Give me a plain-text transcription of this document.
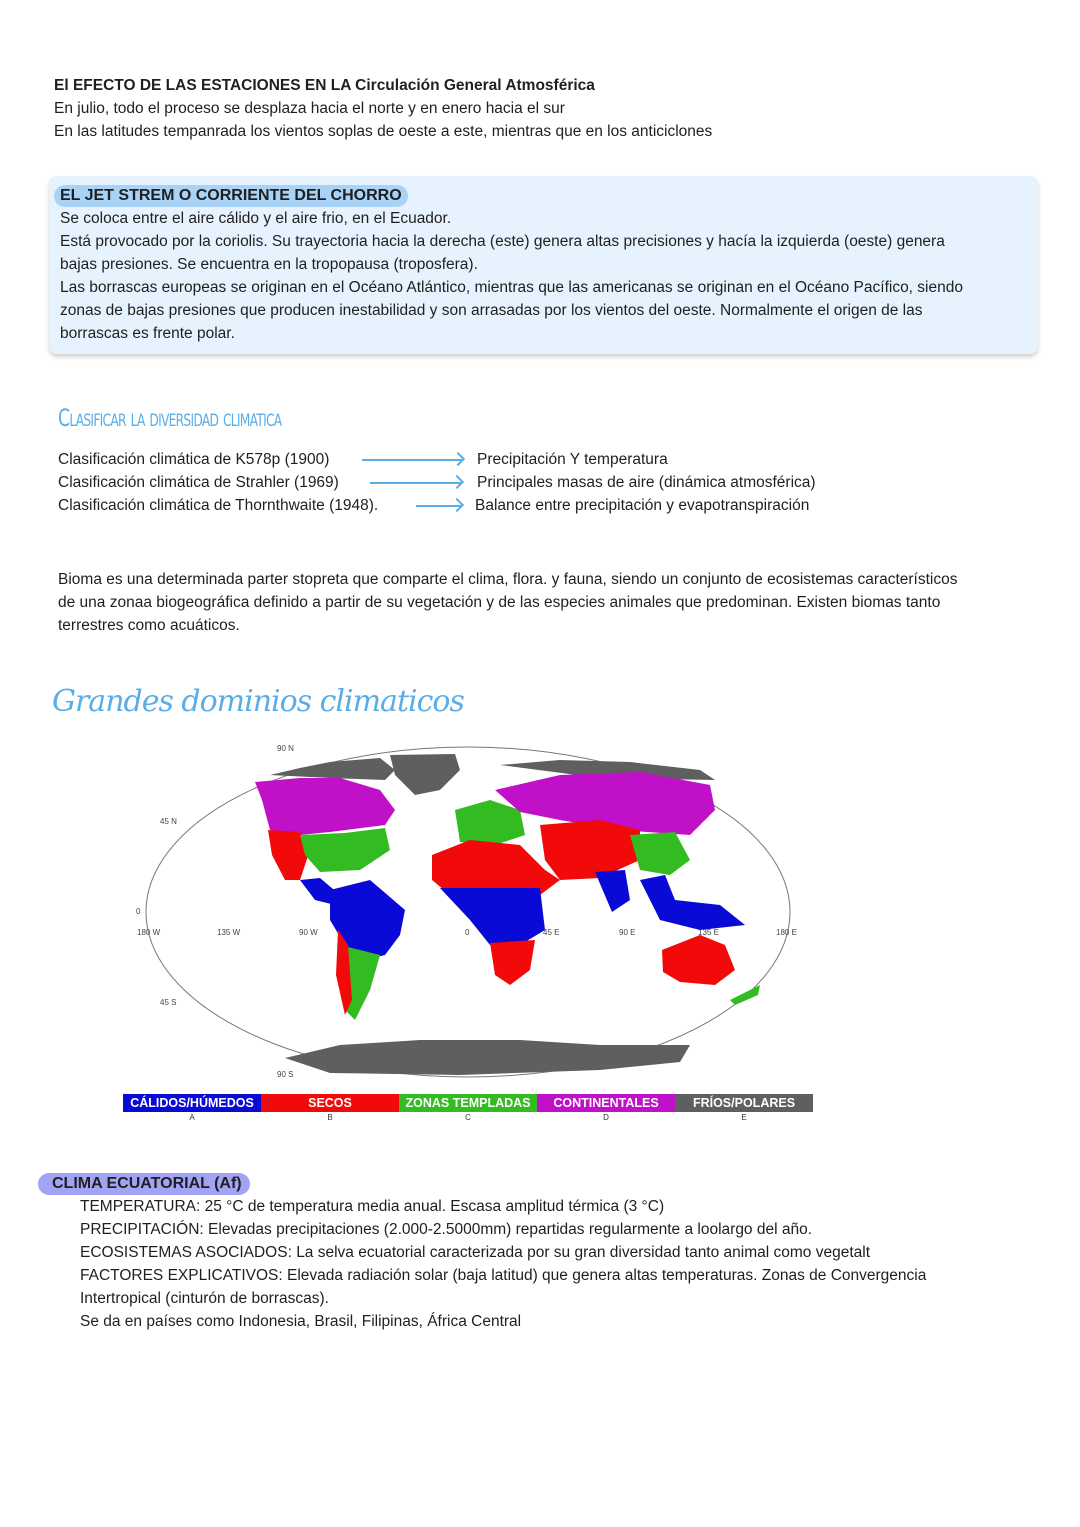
El EFECTO DE LAS ESTACIONES EN LA Circulación General Atmosférica
En julio, todo el proceso se desplaza hacia el norte y en enero hacia el sur
En las latitudes tempanrada los vientos soplas de oeste a este, mientras que en los anticiclones
EL JET STREM O CORRIENTE DEL CHORRO
Se coloca entre el aire cálido y el aire frio, en el Ecuador.
Está provocado por la coriolis. Su trayectoria hacia la derecha (este) genera altas precisiones y hacía la izquierda (oeste) genera
bajas presiones. Se encuentra en la tropopausa (troposfera).
Las borrascas europeas se originan en el Océano Atlántico, mientras que las americanas se originan en el Océano Pacífico, siendo
zonas de bajas presiones que producen inestabilidad y son arrasadas por los vientos del oeste. Normalmente el origen de las
borrascas es frente polar.
Clasificar la diversidad climatica
Clasificación climática de K578p (1900)	Precipitación Y temperatura
Clasificación climática de Strahler (1969)	Principales masas de aire (dinámica atmosférica)
Clasificación climática de Thornthwaite (1948).	Balance entre precipitación y evapotranspiración
Bioma es una determinada parter stopreta que comparte el clima, flora. y fauna, siendo un conjunto de ecosistemas característicos
de una zonaa biogeográfica definido a partir de su vegetación y de las especies animales que predominan. Existen biomas tanto
terrestres como acuáticos.
Grandes dominios climaticos
90 N
45 N
0
45 S
90 S
180 W	135 W	90 W	0	45 E	90 E	135 E	180 E
CÁLIDOS/HÚMEDOS	SECOS	ZONAS TEMPLADAS	CONTINENTALES	FRÍOS/POLARES
A	B	C	D	E
CLIMA ECUATORIAL (Af)
TEMPERATURA: 25 °C de temperatura media anual. Escasa amplitud térmica (3 °C)
PRECIPITACIÓN: Elevadas precipitaciones (2.000-2.5000mm) repartidas regularmente a loolargo del año.
ECOSISTEMAS ASOCIADOS: La selva ecuatorial caracterizada por su gran diversidad tanto animal como vegetalt
FACTORES EXPLICATIVOS: Elevada radiación solar (baja latitud) que genera altas temperaturas. Zonas de Convergencia
Intertropical (cinturón de borrascas).
Se da en países como Indonesia, Brasil, Filipinas, África Central
